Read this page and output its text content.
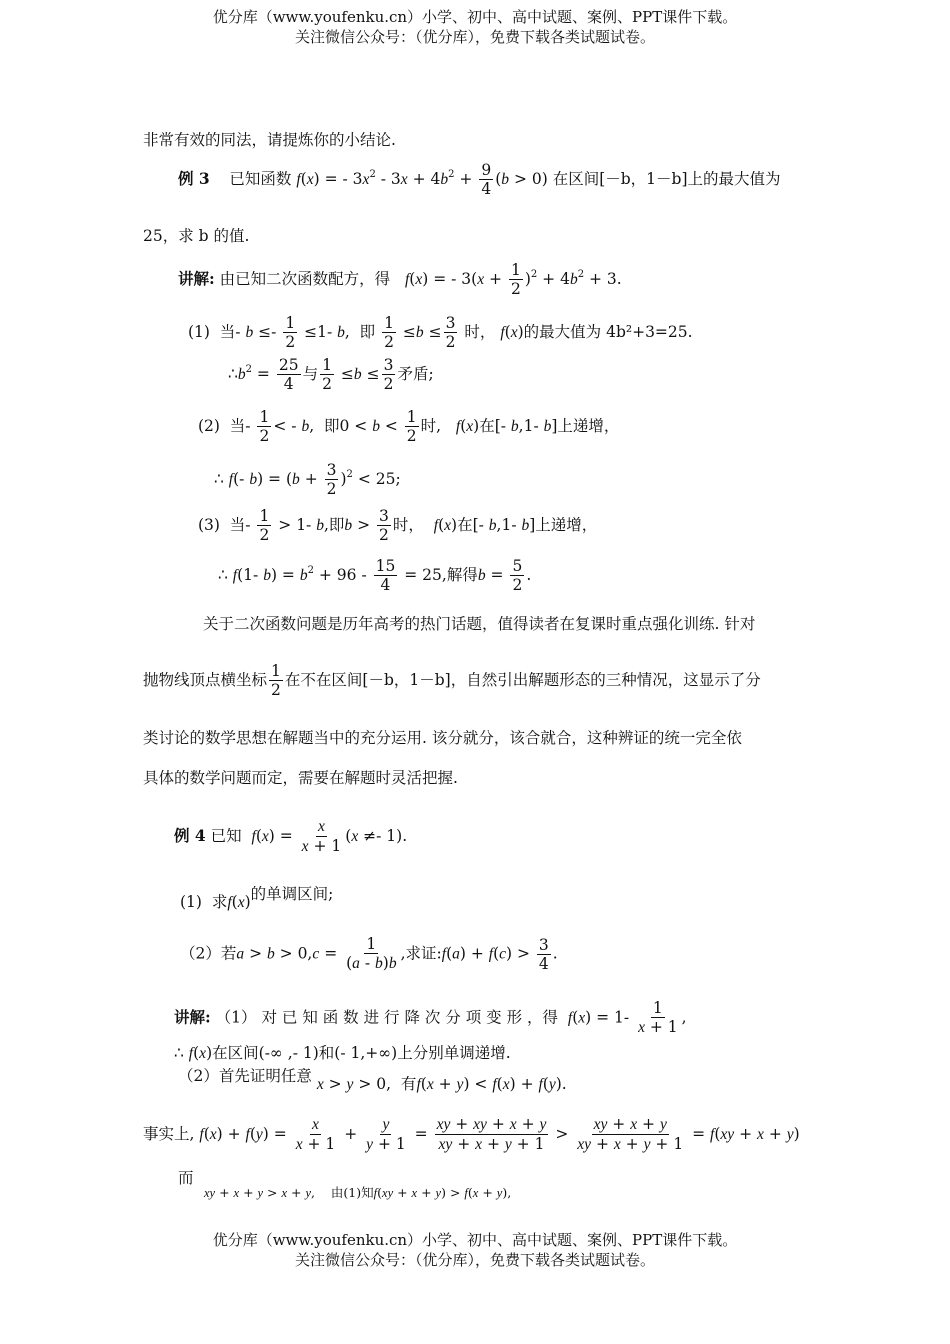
优分库（www.youfenku.cn）小学、初中、高中试题、案例、PPT课件下载。
关注微信公众号：（优分库），免费下载各类试题试卷。
非常有效的同法，请提炼你的小结论.
例 3 已知函数 f(x) = - $3x^2 - 3x + 4b^2 + \frac{9}{4} (b > 0)$ 在区间[－b，1－b]上的最大值为
25，求 b 的值.
讲解: 由已知二次函数配方，得 f(x) = - $3(x + \frac{1}{2} )^2 + 4b^2 + 3$.
(1)  当- $b \le- \frac{1}{2} \le 1-$ b,  即 $\frac{1}{2} \le b \le \frac{3}{2}$ 时， f(x)的最大值为 4b²+3=25.
$\therefore b^2 = \frac{25}{4}$ 与 $\frac{1}{2} \le b \le \frac{3}{2}$ 矛盾;
(2)  当- $\frac{1}{2}$ < - b,  即$0 < b < \frac{1}{2}$ 时,   f(x)在[- b,1- b]上递增，
∴ f(- $b) = (b + \frac{3}{2} )^2 < 25$;
(3)  当- $\frac{1}{2} > 1-$ b,即$b > \frac{3}{2}$ 时，  f(x)在[- b,1- b]上递增，
∴ f(1- $b) = b^2 + 96 - \frac{15}{4} = 25$,解得$b = \frac{5}{2}$ .
关于二次函数问题是历年高考的热门话题，值得读者在复课时重点强化训练. 针对
抛物线顶点横坐标 $\frac{1}{2}$ 在不在区间[－b，1－b]，自然引出解题形态的三种情况，这显示了分
类讨论的数学思想在解题当中的充分运用. 该分就分，该合就合，这种辨证的统一完全依
具体的数学问题而定，需要在解题时灵活把握.
例 4 已知 $f(x) = \frac{x}{x + 1} (x \ne- 1)$.
(1) 求f(x)的单调区间;
（2）若$a > b > 0,c = \frac{1}{(a - b)b}$ ,求证:f(a) + $f(c) > \frac{3}{4}$ .
讲解: （1） 对 已 知 函 数 进 行 降 次 分 项 变 形 ，得 $f(x) = 1- \frac{1}{x + 1}$ ,
∴ f(x)在区间(-∞ ,- 1)和(- 1,+∞)上分别单调递增.
（2）首先证明任意 x > y > 0,  有f(x + y) < f(x) + f(y).
事实上, $f(x) + f(y) = \frac{x}{x + 1} + \frac{y}{y + 1} = \frac{xy + xy + x + y}{xy + x + y + 1} > \frac{xy + x + y}{xy + x + y + 1} = f(xy + x + y)$
而
xy + x + y > x + y,    由(1)知f(xy + x + y) > f(x + y),
优分库（www.youfenku.cn）小学、初中、高中试题、案例、PPT课件下载。
关注微信公众号：（优分库），免费下载各类试题试卷。
